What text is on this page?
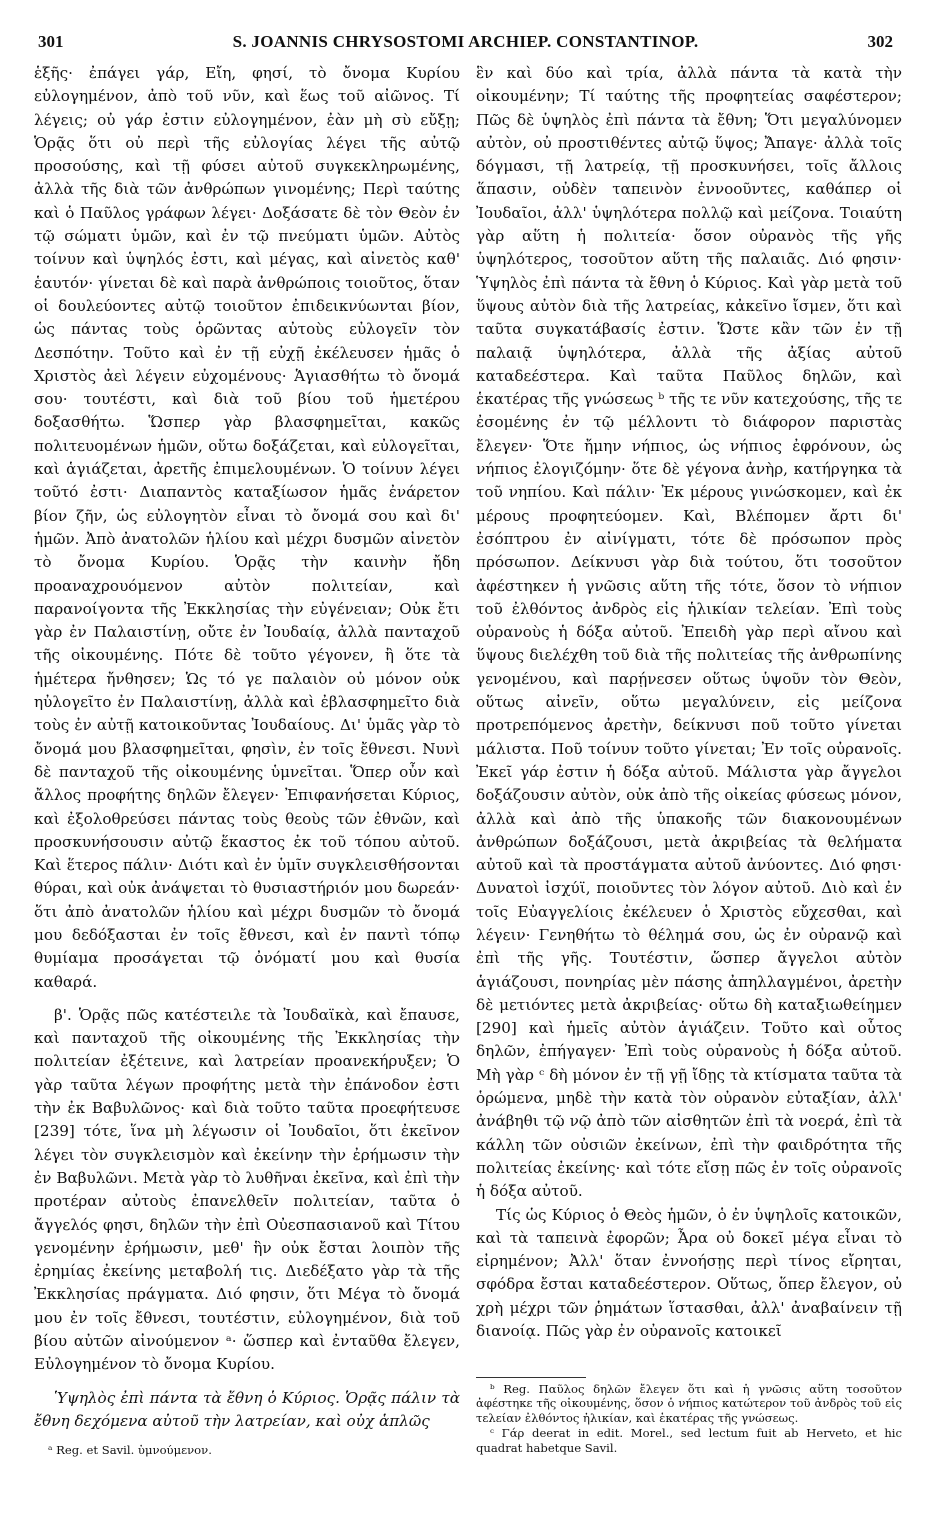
301	S. JOANNIS CHRYSOSTOMI ARCHIEP. CONSTANTINOP.	302

ἑξῆς· ἐπάγει γάρ, Εἴη, φησί, τὸ ὄνομα Κυρίου εὐλογημένον, ἀπὸ τοῦ νῦν, καὶ ἕως τοῦ αἰῶνος. Τί λέγεις; οὐ γάρ ἐστιν εὐλογημένον, ἐὰν μὴ σὺ εὔξῃ; Ὁρᾷς ὅτι οὐ περὶ τῆς εὐλογίας λέγει τῆς αὐτῷ προσούσης, καὶ τῇ φύσει αὐτοῦ συγκεκληρωμένης, ἀλλὰ τῆς διὰ τῶν ἀνθρώπων γινομένης; Περὶ ταύτης καὶ ὁ Παῦλος γράφων λέγει· Δοξάσατε δὲ τὸν Θεὸν ἐν τῷ σώματι ὑμῶν, καὶ ἐν τῷ πνεύματι ὑμῶν. Αὐτὸς τοίνυν καὶ ὑψηλός ἐστι, καὶ μέγας, καὶ αἰνετὸς καθ' ἑαυτόν· γίνεται δὲ καὶ παρὰ ἀνθρώποις τοιοῦτος, ὅταν οἱ δουλεύοντες αὐτῷ τοιοῦτον ἐπιδεικνύωνται βίον, ὡς πάντας τοὺς ὁρῶντας αὐτοὺς εὐλογεῖν τὸν Δεσπότην. Τοῦτο καὶ ἐν τῇ εὐχῇ ἐκέλευσεν ἡμᾶς ὁ Χριστὸς ἀεὶ λέγειν εὐχομένους· Ἁγιασθήτω τὸ ὄνομά σου· τουτέστι, καὶ διὰ τοῦ βίου τοῦ ἡμετέρου δοξασθήτω. Ὥσπερ γὰρ βλασφημεῖται, κακῶς πολιτευομένων ἡμῶν, οὕτω δοξάζεται, καὶ εὐλογεῖται, καὶ ἁγιάζεται, ἀρετῆς ἐπιμελουμένων. Ὁ τοίνυν λέγει τοῦτό ἐστι· Διαπαντὸς καταξίωσον ἡμᾶς ἐνάρετον βίον ζῆν, ὡς εὐλογητὸν εἶναι τὸ ὄνομά σου καὶ δι' ἡμῶν. Ἀπὸ ἀνατολῶν ἡλίου καὶ μέχρι δυσμῶν αἰνετὸν τὸ ὄνομα Κυρίου. Ὁρᾷς τὴν καινὴν ἤδη προαναχρουόμενον αὐτὸν πολιτείαν, καὶ παρανοίγοντα τῆς Ἐκκλησίας τὴν εὐγένειαν; Οὐκ ἔτι γὰρ ἐν Παλαιστίνῃ, οὔτε ἐν Ἰουδαίᾳ, ἀλλὰ πανταχοῦ τῆς οἰκουμένης. Πότε δὲ τοῦτο γέγονεν, ἢ ὅτε τὰ ἡμέτερα ἤνθησεν; Ὡς τό γε παλαιὸν οὐ μόνον οὐκ ηὐλογεῖτο ἐν Παλαιστίνῃ, ἀλλὰ καὶ ἐβλασφημεῖτο διὰ τοὺς ἐν αὐτῇ κατοικοῦντας Ἰουδαίους. Δι' ὑμᾶς γὰρ τὸ ὄνομά μου βλασφημεῖται, φησὶν, ἐν τοῖς ἔθνεσι. Νυνὶ δὲ πανταχοῦ τῆς οἰκουμένης ὑμνεῖται. Ὅπερ οὖν καὶ ἄλλος προφήτης δηλῶν ἔλεγεν· Ἐπιφανήσεται Κύριος, καὶ ἐξολοθρεύσει πάντας τοὺς θεοὺς τῶν ἐθνῶν, καὶ προσκυνήσουσιν αὐτῷ ἕκαστος ἐκ τοῦ τόπου αὐτοῦ. Καὶ ἕτερος πάλιν· Διότι καὶ ἐν ὑμῖν συγκλεισθήσονται θύραι, καὶ οὐκ ἀνάψεται τὸ θυσιαστήριόν μου δωρεάν· ὅτι ἀπὸ ἀνατολῶν ἡλίου καὶ μέχρι δυσμῶν τὸ ὄνομά μου δεδόξασται ἐν τοῖς ἔθνεσι, καὶ ἐν παντὶ τόπῳ θυμίαμα προσάγεται τῷ ὀνόματί μου καὶ θυσία καθαρά.

β'. Ὁρᾷς πῶς κατέστειλε τὰ Ἰουδαϊκὰ, καὶ ἔπαυσε, καὶ πανταχοῦ τῆς οἰκουμένης τῆς Ἐκκλησίας τὴν πολιτείαν ἐξέτεινε, καὶ λατρείαν προανεκήρυξεν; Ὁ γὰρ ταῦτα λέγων προφήτης μετὰ τὴν ἐπάνοδον ἐστι τὴν ἐκ Βαβυλῶνος· καὶ διὰ τοῦτο ταῦτα προεφήτευσε [239] τότε, ἵνα μὴ λέγωσιν οἱ Ἰουδαῖοι, ὅτι ἐκεῖνον λέγει τὸν συγκλεισμὸν καὶ ἐκείνην τὴν ἐρήμωσιν τὴν ἐν Βαβυλῶνι. Μετὰ γὰρ τὸ λυθῆναι ἐκεῖνα, καὶ ἐπὶ τὴν προτέραν αὐτοὺς ἐπανελθεῖν πολιτείαν, ταῦτα ὁ ἄγγελός φησι, δηλῶν τὴν ἐπὶ Οὐεσπασιανοῦ καὶ Τίτου γενομένην ἐρήμωσιν, μεθ' ἣν οὐκ ἔσται λοιπὸν τῆς ἐρημίας ἐκείνης μεταβολή τις. Διεδέξατο γὰρ τὰ τῆς Ἐκκλησίας πράγματα. Διό φησιν, ὅτι Μέγα τὸ ὄνομά μου ἐν τοῖς ἔθνεσι, τουτέστιν, εὐλογημένον, διὰ τοῦ βίου αὐτῶν αἰνούμενον ᵃ· ὥσπερ καὶ ἐνταῦθα ἔλεγεν, Εὐλογημένον τὸ ὄνομα Κυρίου.

Ὑψηλὸς ἐπὶ πάντα τὰ ἔθνη ὁ Κύριος. Ὁρᾷς πάλιν τὰ ἔθνη δεχόμενα αὐτοῦ τὴν λατρείαν, καὶ οὐχ ἁπλῶς

ᵃ Reg. et Savil. ὑμνούμενον.

ἓν καὶ δύο καὶ τρία, ἀλλὰ πάντα τὰ κατὰ τὴν οἰκουμένην; Τί ταύτης τῆς προφητείας σαφέστερον; Πῶς δὲ ὑψηλὸς ἐπὶ πάντα τὰ ἔθνη; Ὅτι μεγαλύνομεν αὐτὸν, οὐ προστιθέντες αὐτῷ ὕψος; Ἄπαγε· ἀλλὰ τοῖς δόγμασι, τῇ λατρείᾳ, τῇ προσκυνήσει, τοῖς ἄλλοις ἅπασιν, οὐδὲν ταπεινὸν ἐννοοῦντες, καθάπερ οἱ Ἰουδαῖοι, ἀλλ' ὑψηλότερα πολλῷ καὶ μείζονα. Τοιαύτη γὰρ αὕτη ἡ πολιτεία· ὅσον οὐρανὸς τῆς γῆς ὑψηλότερος, τοσοῦτον αὕτη τῆς παλαιᾶς. Διό φησιν· Ὑψηλὸς ἐπὶ πάντα τὰ ἔθνη ὁ Κύριος. Καὶ γὰρ μετὰ τοῦ ὕψους αὐτὸν διὰ τῆς λατρείας, κἀκεῖνο ἴσμεν, ὅτι καὶ ταῦτα συγκατάβασίς ἐστιν. Ὥστε κἂν τῶν ἐν τῇ παλαιᾷ ὑψηλότερα, ἀλλὰ τῆς ἀξίας αὐτοῦ καταδεέστερα. Καὶ ταῦτα Παῦλος δηλῶν, καὶ ἑκατέρας τῆς γνώσεως ᵇ τῆς τε νῦν κατεχούσης, τῆς τε ἐσομένης ἐν τῷ μέλλοντι τὸ διάφορον παριστὰς ἔλεγεν· Ὅτε ἤμην νήπιος, ὡς νήπιος ἐφρόνουν, ὡς νήπιος ἐλογιζόμην· ὅτε δὲ γέγονα ἀνὴρ, κατήργηκα τὰ τοῦ νηπίου. Καὶ πάλιν· Ἐκ μέρους γινώσκομεν, καὶ ἐκ μέρους προφητεύομεν. Καὶ, Βλέπομεν ἄρτι δι' ἐσόπτρου ἐν αἰνίγματι, τότε δὲ πρόσωπον πρὸς πρόσωπον. Δείκνυσι γὰρ διὰ τούτου, ὅτι τοσοῦτον ἀφέστηκεν ἡ γνῶσις αὕτη τῆς τότε, ὅσον τὸ νήπιον τοῦ ἐλθόντος ἀνδρὸς εἰς ἡλικίαν τελείαν. Ἐπὶ τοὺς οὐρανοὺς ἡ δόξα αὐτοῦ. Ἐπειδὴ γὰρ περὶ αἴνου καὶ ὕψους διελέχθη τοῦ διὰ τῆς πολιτείας τῆς ἀνθρωπίνης γενομένου, καὶ παρῄνεσεν οὕτως ὑψοῦν τὸν Θεὸν, οὕτως αἰνεῖν, οὕτω μεγαλύνειν, εἰς μείζονα προτρεπόμενος ἀρετὴν, δείκνυσι ποῦ τοῦτο γίνεται μάλιστα. Ποῦ τοίνυν τοῦτο γίνεται; Ἐν τοῖς οὐρανοῖς. Ἐκεῖ γάρ ἐστιν ἡ δόξα αὐτοῦ. Μάλιστα γὰρ ἄγγελοι δοξάζουσιν αὐτὸν, οὐκ ἀπὸ τῆς οἰκείας φύσεως μόνον, ἀλλὰ καὶ ἀπὸ τῆς ὑπακοῆς τῶν διακονουμένων ἀνθρώπων δοξάζουσι, μετὰ ἀκριβείας τὰ θελήματα αὐτοῦ καὶ τὰ προστάγματα αὐτοῦ ἀνύοντες. Διό φησι· Δυνατοὶ ἰσχύϊ, ποιοῦντες τὸν λόγον αὐτοῦ. Διὸ καὶ ἐν τοῖς Εὐαγγελίοις ἐκέλευεν ὁ Χριστὸς εὔχεσθαι, καὶ λέγειν· Γενηθήτω τὸ θέλημά σου, ὡς ἐν οὐρανῷ καὶ ἐπὶ τῆς γῆς. Τουτέστιν, ὥσπερ ἄγγελοι αὐτὸν ἁγιάζουσι, πονηρίας μὲν πάσης ἀπηλλαγμένοι, ἀρετὴν δὲ μετιόντες μετὰ ἀκριβείας· οὕτω δὴ καταξιωθείημεν [290] καὶ ἡμεῖς αὐτὸν ἁγιάζειν. Τοῦτο καὶ οὗτος δηλῶν, ἐπήγαγεν· Ἐπὶ τοὺς οὐρανοὺς ἡ δόξα αὐτοῦ. Μὴ γὰρ ᶜ δὴ μόνον ἐν τῇ γῇ ἴδῃς τὰ κτίσματα ταῦτα τὰ ὁρώμενα, μηδὲ τὴν κατὰ τὸν οὐρανὸν εὐταξίαν, ἀλλ' ἀνάβηθι τῷ νῷ ἀπὸ τῶν αἰσθητῶν ἐπὶ τὰ νοερά, ἐπὶ τὰ κάλλη τῶν οὐσιῶν ἐκείνων, ἐπὶ τὴν φαιδρότητα τῆς πολιτείας ἐκείνης· καὶ τότε εἴσῃ πῶς ἐν τοῖς οὐρανοῖς ἡ δόξα αὐτοῦ.

Τίς ὡς Κύριος ὁ Θεὸς ἡμῶν, ὁ ἐν ὑψηλοῖς κατοικῶν, καὶ τὰ ταπεινὰ ἐφορῶν; Ἆρα οὐ δοκεῖ μέγα εἶναι τὸ εἰρημένον; Ἀλλ' ὅταν ἐννοήσῃς περὶ τίνος εἴρηται, σφόδρα ἔσται καταδεέστερον. Οὕτως, ὅπερ ἔλεγον, οὐ χρὴ μέχρι τῶν ῥημάτων ἵστασθαι, ἀλλ' ἀναβαίνειν τῇ διανοίᾳ. Πῶς γὰρ ἐν οὐρανοῖς κατοικεῖ

ᵇ Reg. Παῦλος δηλῶν ἔλεγεν ὅτι καὶ ἡ γνῶσις αὕτη τοσοῦτον ἀφέστηκε τῆς οἰκουμένης, ὅσον ὁ νήπιος κατώτερον τοῦ ἀνδρὸς τοῦ εἰς τελείαν ἐλθόντος ἡλικίαν, καὶ ἑκατέρας τῆς γνώσεως.

ᶜ Γάρ deerat in edit. Morel., sed lectum fuit ab Herveto, et hic quadrat habetque Savil.
